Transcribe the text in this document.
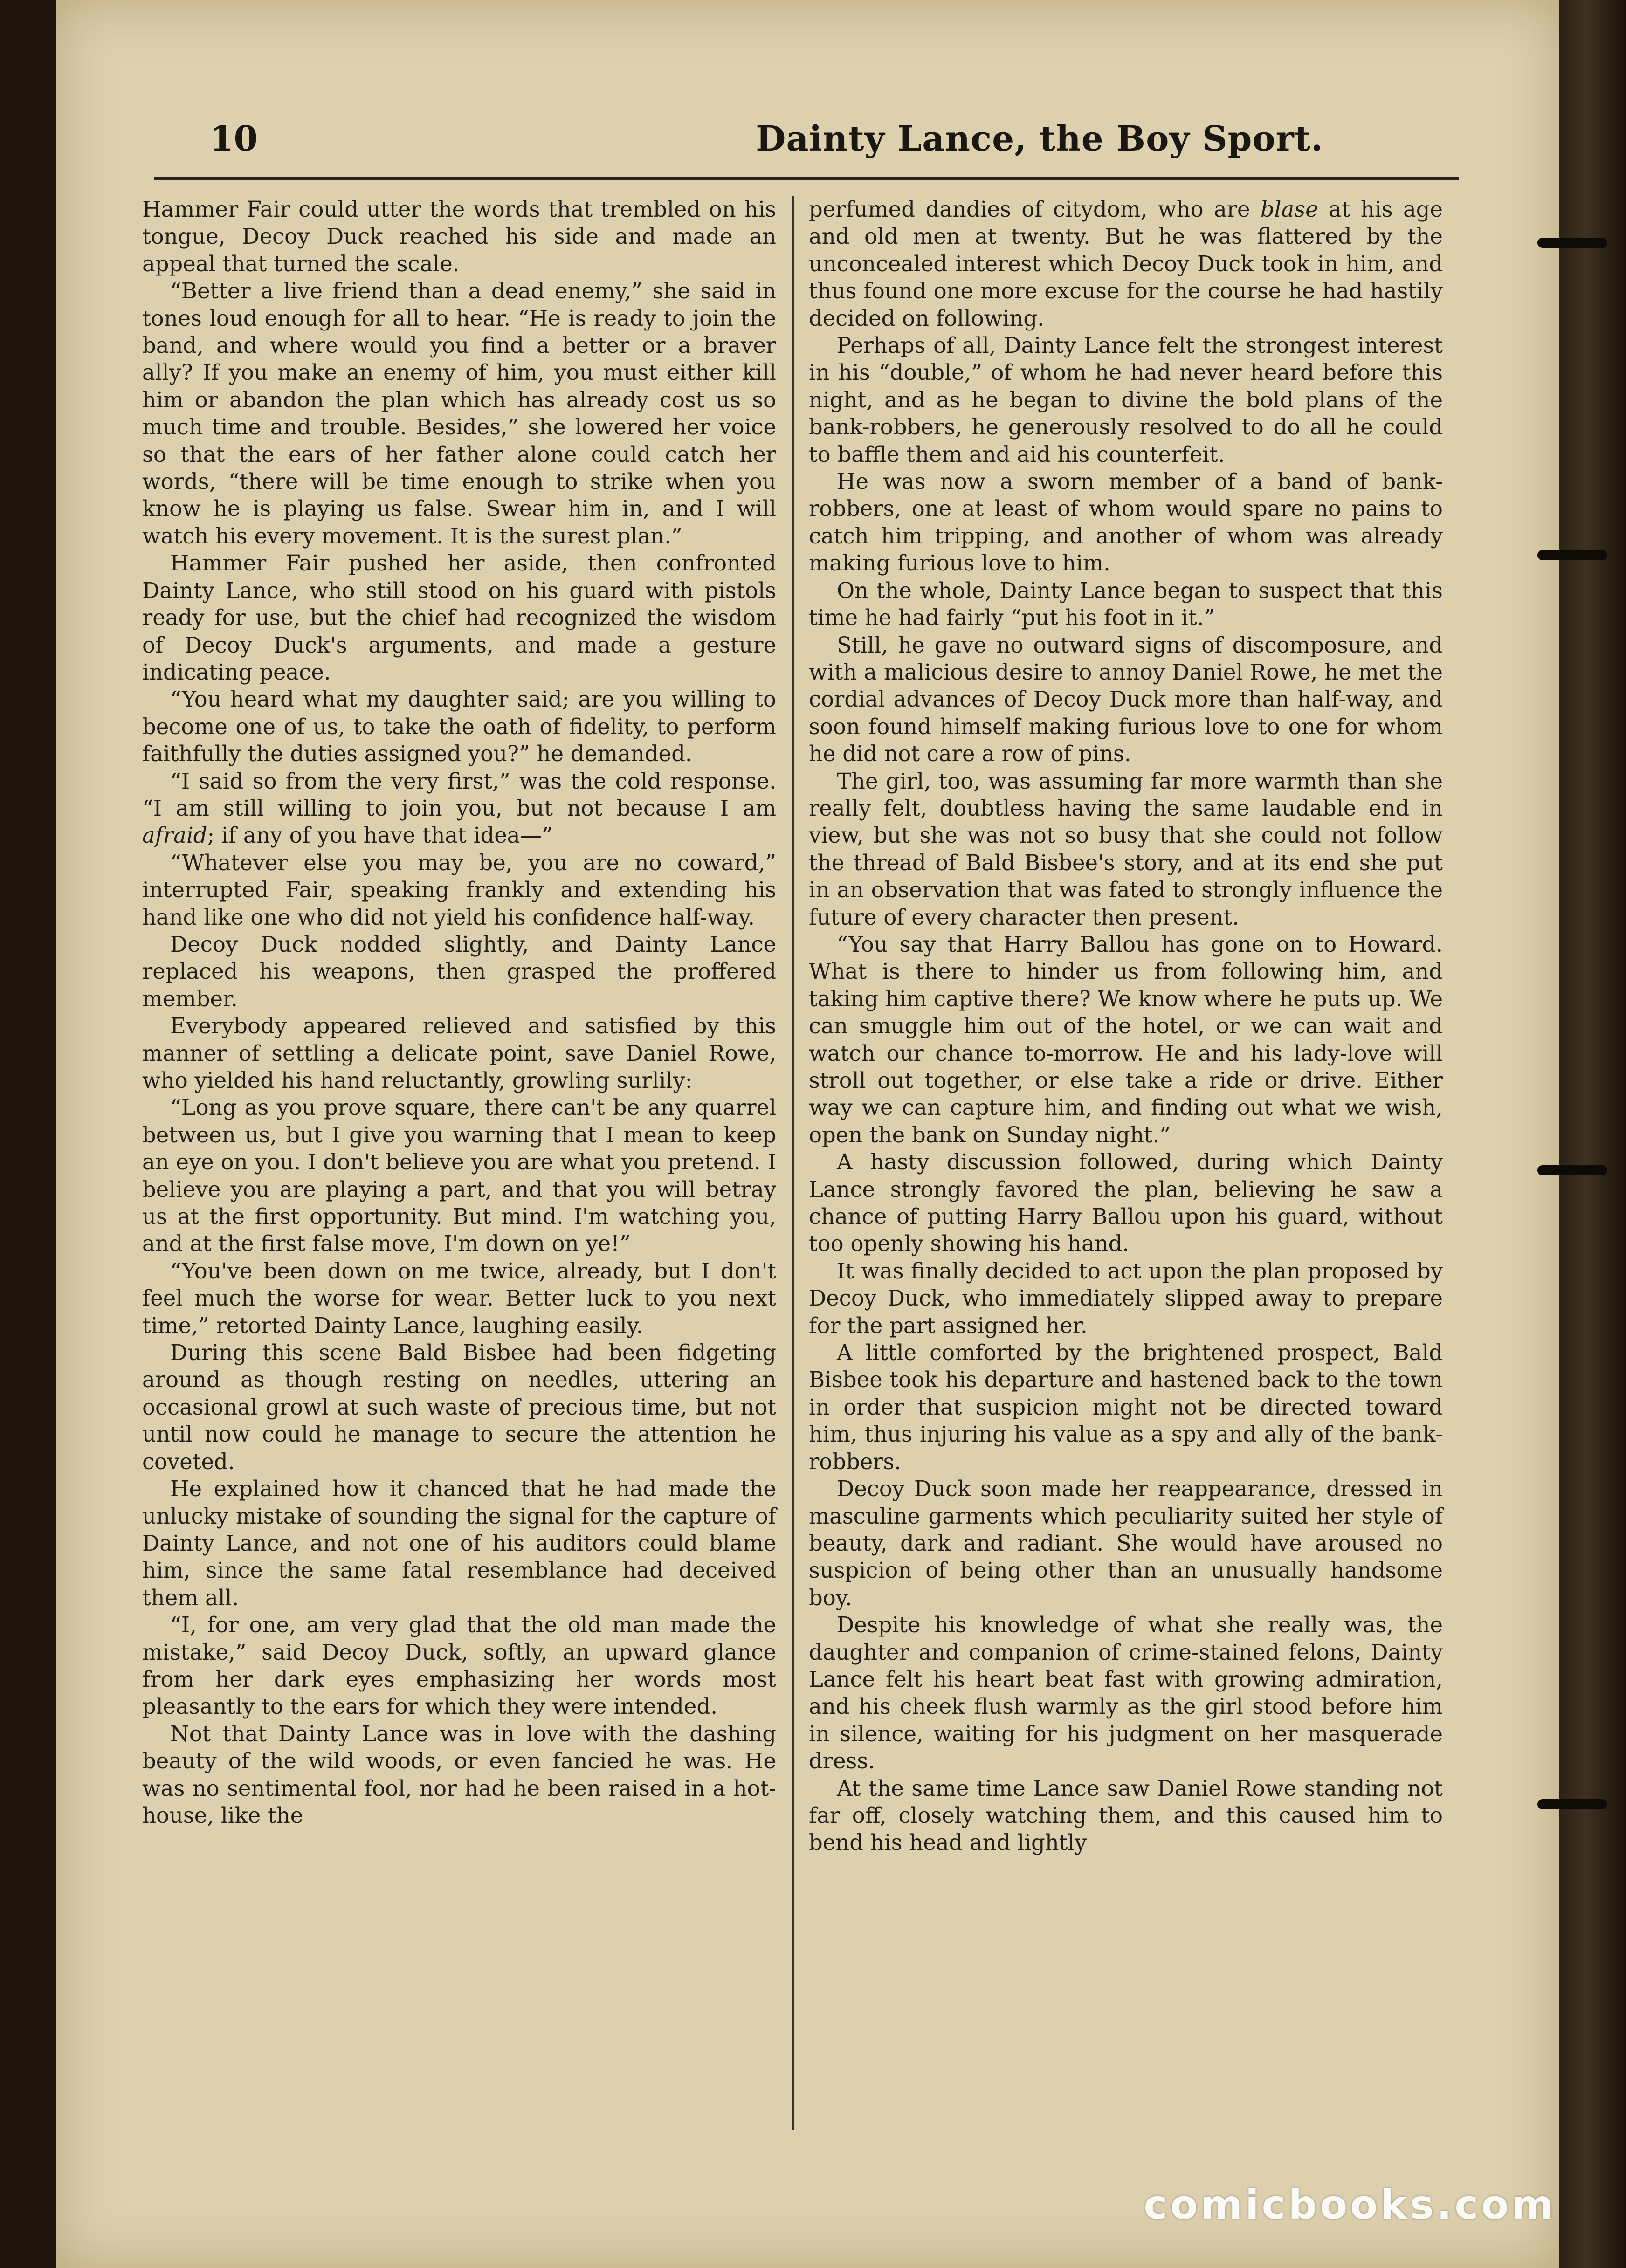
10	Dainty Lance, the Boy Sport.

Hammer Fair could utter the words that trembled on his tongue, Decoy Duck reached his side and made an appeal that turned the scale.

“Better a live friend than a dead enemy,” she said in tones loud enough for all to hear. “He is ready to join the band, and where would you find a better or a braver ally? If you make an enemy of him, you must either kill him or abandon the plan which has already cost us so much time and trouble. Besides,” she lowered her voice so that the ears of her father alone could catch her words, “there will be time enough to strike when you know he is playing us false. Swear him in, and I will watch his every movement. It is the surest plan.”

Hammer Fair pushed her aside, then confronted Dainty Lance, who still stood on his guard with pistols ready for use, but the chief had recognized the wisdom of Decoy Duck's arguments, and made a gesture indicating peace.

“You heard what my daughter said; are you willing to become one of us, to take the oath of fidelity, to perform faithfully the duties assigned you?” he demanded.

“I said so from the very first,” was the cold response. “I am still willing to join you, but not because I am afraid; if any of you have that idea—”

“Whatever else you may be, you are no coward,” interrupted Fair, speaking frankly and extending his hand like one who did not yield his confidence half-way.

Decoy Duck nodded slightly, and Dainty Lance replaced his weapons, then grasped the proffered member.

Everybody appeared relieved and satisfied by this manner of settling a delicate point, save Daniel Rowe, who yielded his hand reluctantly, growling surlily:

“Long as you prove square, there can't be any quarrel between us, but I give you warning that I mean to keep an eye on you. I don't believe you are what you pretend. I believe you are playing a part, and that you will betray us at the first opportunity. But mind. I'm watching you, and at the first false move, I'm down on ye!”

“You've been down on me twice, already, but I don't feel much the worse for wear. Better luck to you next time,” retorted Dainty Lance, laughing easily.

During this scene Bald Bisbee had been fidgeting around as though resting on needles, uttering an occasional growl at such waste of precious time, but not until now could he manage to secure the attention he coveted.

He explained how it chanced that he had made the unlucky mistake of sounding the signal for the capture of Dainty Lance, and not one of his auditors could blame him, since the same fatal resemblance had deceived them all.

“I, for one, am very glad that the old man made the mistake,” said Decoy Duck, softly, an upward glance from her dark eyes emphasizing her words most pleasantly to the ears for which they were intended.

Not that Dainty Lance was in love with the dashing beauty of the wild woods, or even fancied he was. He was no sentimental fool, nor had he been raised in a hot-house, like the

perfumed dandies of citydom, who are blase at his age and old men at twenty. But he was flattered by the unconcealed interest which Decoy Duck took in him, and thus found one more excuse for the course he had hastily decided on following.

Perhaps of all, Dainty Lance felt the strongest interest in his “double,” of whom he had never heard before this night, and as he began to divine the bold plans of the bank-robbers, he generously resolved to do all he could to baffle them and aid his counterfeit.

He was now a sworn member of a band of bank-robbers, one at least of whom would spare no pains to catch him tripping, and another of whom was already making furious love to him.

On the whole, Dainty Lance began to suspect that this time he had fairly “put his foot in it.”

Still, he gave no outward signs of discomposure, and with a malicious desire to annoy Daniel Rowe, he met the cordial advances of Decoy Duck more than half-way, and soon found himself making furious love to one for whom he did not care a row of pins.

The girl, too, was assuming far more warmth than she really felt, doubtless having the same laudable end in view, but she was not so busy that she could not follow the thread of Bald Bisbee's story, and at its end she put in an observation that was fated to strongly influence the future of every character then present.

“You say that Harry Ballou has gone on to Howard. What is there to hinder us from following him, and taking him captive there? We know where he puts up. We can smuggle him out of the hotel, or we can wait and watch our chance to-morrow. He and his lady-love will stroll out together, or else take a ride or drive. Either way we can capture him, and finding out what we wish, open the bank on Sunday night.”

A hasty discussion followed, during which Dainty Lance strongly favored the plan, believing he saw a chance of putting Harry Ballou upon his guard, without too openly showing his hand.

It was finally decided to act upon the plan proposed by Decoy Duck, who immediately slipped away to prepare for the part assigned her.

A little comforted by the brightened prospect, Bald Bisbee took his departure and hastened back to the town in order that suspicion might not be directed toward him, thus injuring his value as a spy and ally of the bank-robbers.

Decoy Duck soon made her reappearance, dressed in masculine garments which peculiarity suited her style of beauty, dark and radiant. She would have aroused no suspicion of being other than an unusually handsome boy.

Despite his knowledge of what she really was, the daughter and companion of crime-stained felons, Dainty Lance felt his heart beat fast with growing admiration, and his cheek flush warmly as the girl stood before him in silence, waiting for his judgment on her masquerade dress.

At the same time Lance saw Daniel Rowe standing not far off, closely watching them, and this caused him to bend his head and lightly

comicbooks.com
